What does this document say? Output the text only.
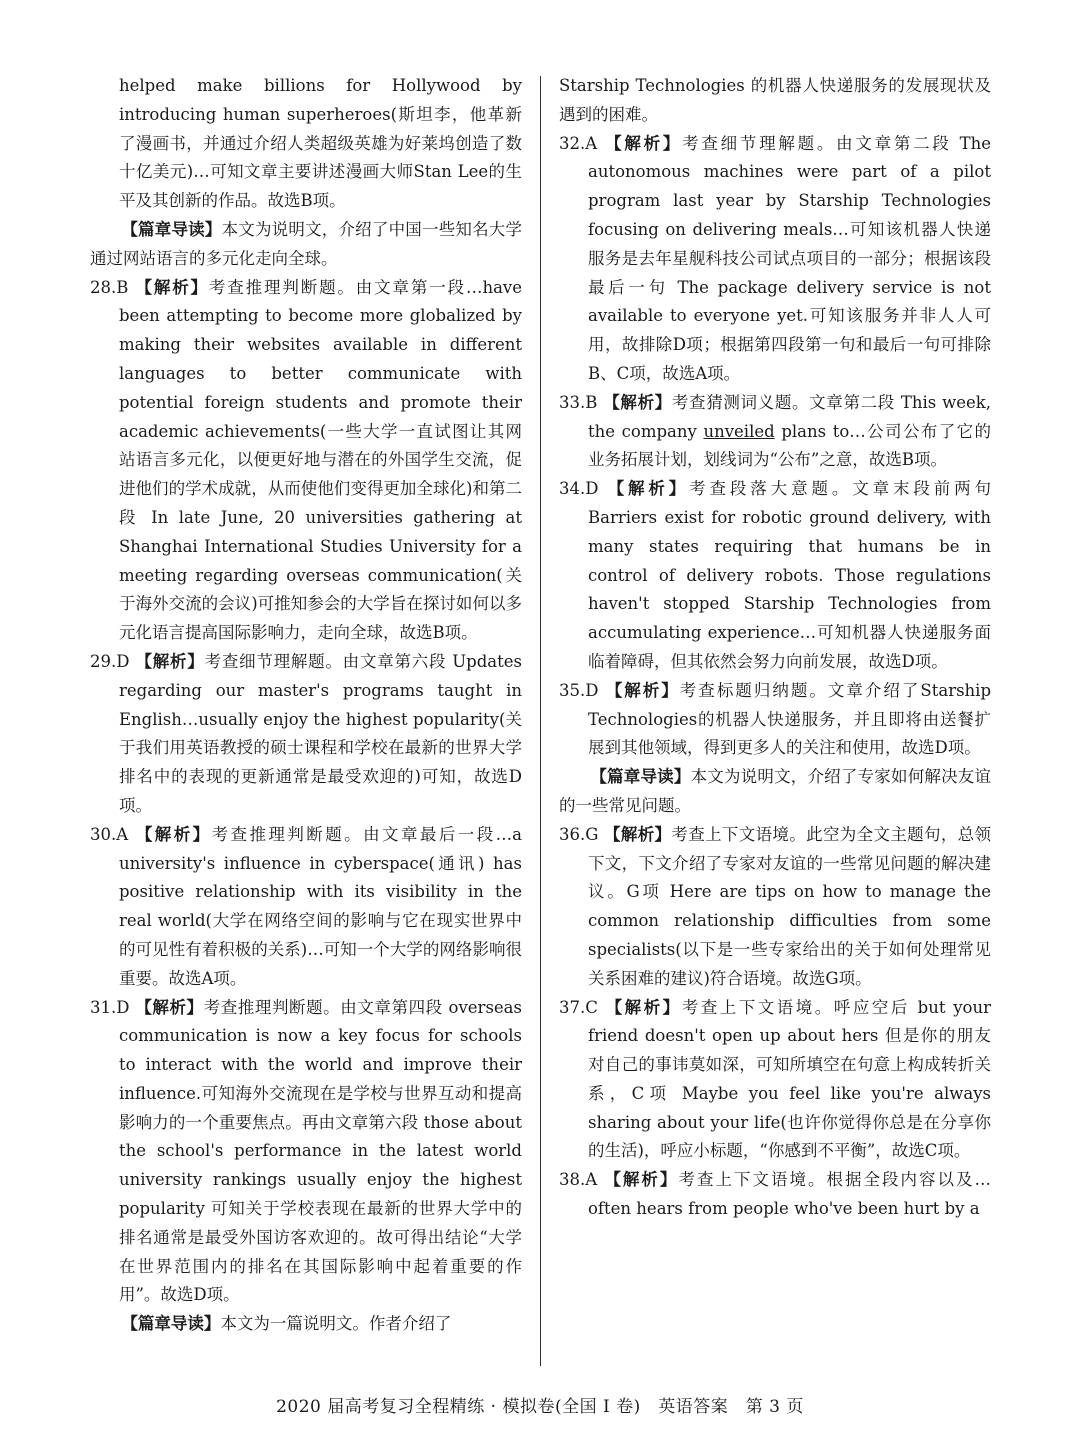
helped make billions for Hollywood by introducing human superheroes(斯坦李，他革新了漫画书，并通过介绍人类超级英雄为好莱坞创造了数十亿美元)…可知文章主要讲述漫画大师Stan Lee的生平及其创新的作品。故选B项。

【篇章导读】本文为说明文，介绍了中国一些知名大学通过网站语言的多元化走向全球。

28.B 【解析】考查推理判断题。由文章第一段…have been attempting to become more globalized by making their websites available in different languages to better communicate with potential foreign students and promote their academic achievements(一些大学一直试图让其网站语言多元化，以便更好地与潜在的外国学生交流，促进他们的学术成就，从而使他们变得更加全球化)和第二段 In late June, 20 universities gathering at Shanghai International Studies University for a meeting regarding overseas communication(关于海外交流的会议)可推知参会的大学旨在探讨如何以多元化语言提高国际影响力，走向全球，故选B项。

29.D 【解析】考查细节理解题。由文章第六段 Updates regarding our master's programs taught in English…usually enjoy the highest popularity(关于我们用英语教授的硕士课程和学校在最新的世界大学排名中的表现的更新通常是最受欢迎的)可知，故选D项。

30.A 【解析】考查推理判断题。由文章最后一段…a university's influence in cyberspace(通讯) has positive relationship with its visibility in the real world(大学在网络空间的影响与它在现实世界中的可见性有着积极的关系)…可知一个大学的网络影响很重要。故选A项。

31.D 【解析】考查推理判断题。由文章第四段 overseas communication is now a key focus for schools to interact with the world and improve their influence.可知海外交流现在是学校与世界互动和提高影响力的一个重要焦点。再由文章第六段 those about the school's performance in the latest world university rankings usually enjoy the highest popularity 可知关于学校表现在最新的世界大学中的排名通常是最受外国访客欢迎的。故可得出结论“大学在世界范围内的排名在其国际影响中起着重要的作用”。故选D项。

【篇章导读】本文为一篇说明文。作者介绍了

Starship Technologies 的机器人快递服务的发展现状及遇到的困难。

32.A 【解析】考查细节理解题。由文章第二段 The autonomous machines were part of a pilot program last year by Starship Technologies focusing on delivering meals…可知该机器人快递服务是去年星舰科技公司试点项目的一部分；根据该段最后一句 The package delivery service is not available to everyone yet.可知该服务并非人人可用，故排除D项；根据第四段第一句和最后一句可排除B、C项，故选A项。

33.B 【解析】考查猜测词义题。文章第二段 This week, the company unveiled plans to…公司公布了它的业务拓展计划，划线词为“公布”之意，故选B项。

34.D 【解析】考查段落大意题。文章末段前两句 Barriers exist for robotic ground delivery, with many states requiring that humans be in control of delivery robots. Those regulations haven't stopped Starship Technologies from accumulating experience…可知机器人快递服务面临着障碍，但其依然会努力向前发展，故选D项。

35.D 【解析】考查标题归纳题。文章介绍了Starship Technologies的机器人快递服务，并且即将由送餐扩展到其他领域，得到更多人的关注和使用，故选D项。

【篇章导读】本文为说明文，介绍了专家如何解决友谊的一些常见问题。

36.G 【解析】考查上下文语境。此空为全文主题句，总领下文，下文介绍了专家对友谊的一些常见问题的解决建议。G项 Here are tips on how to manage the common relationship difficulties from some specialists(以下是一些专家给出的关于如何处理常见关系困难的建议)符合语境。故选G项。

37.C 【解析】考查上下文语境。呼应空后 but your friend doesn't open up about hers 但是你的朋友对自己的事讳莫如深，可知所填空在句意上构成转折关系，C项 Maybe you feel like you're always sharing about your life(也许你觉得你总是在分享你的生活)，呼应小标题，“你感到不平衡”，故选C项。

38.A 【解析】考查上下文语境。根据全段内容以及…often hears from people who've been hurt by a

2020 届高考复习全程精练 · 模拟卷(全国 Ⅰ 卷)　英语答案　第 3 页
